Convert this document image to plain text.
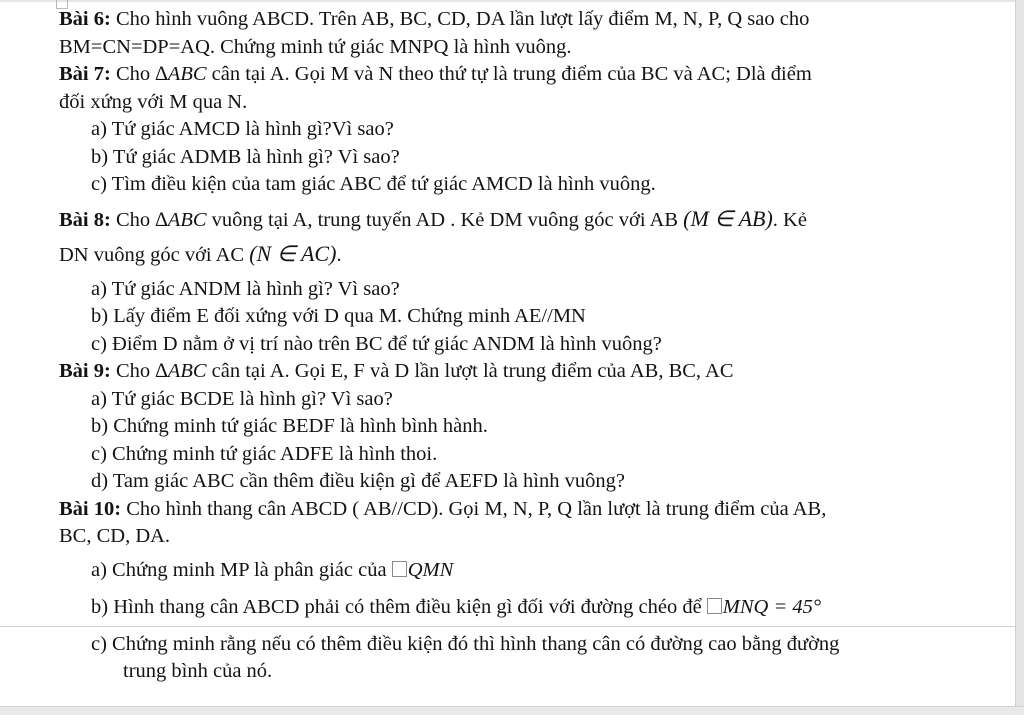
Bài 6: Cho hình vuông ABCD. Trên AB, BC, CD, DA lần lượt lấy điểm M, N, P, Q sao cho
BM=CN=DP=AQ. Chứng minh tứ giác MNPQ là hình vuông.
Bài 7: Cho ∆ABC cân tại A. Gọi M và N theo thứ tự là trung điểm của BC và AC; Dlà điểm
đối xứng với M qua N.
a) Tứ giác AMCD là hình gì?Vì sao?
b) Tứ giác ADMB là hình gì? Vì sao?
c) Tìm điều kiện của tam giác ABC để tứ giác AMCD là hình vuông.
Bài 8: Cho ∆ABC vuông tại A, trung tuyến AD . Kẻ DM vuông góc với AB (M ∈ AB). Kẻ
DN vuông góc với AC (N ∈ AC).
a) Tứ giác ANDM là hình gì? Vì sao?
b) Lấy điểm E đối xứng với D qua M. Chứng minh AE//MN
c) Điểm D nằm ở vị trí nào trên BC để tứ giác ANDM là hình vuông?
Bài 9: Cho ∆ABC cân tại A. Gọi E, F và D lần lượt là trung điểm của AB, BC, AC
a) Tứ giác BCDE là hình gì? Vì sao?
b) Chứng minh tứ giác BEDF là hình bình hành.
c) Chứng minh tứ giác ADFE là hình thoi.
d) Tam giác ABC cần thêm điều kiện gì để AEFD là hình vuông?
Bài 10: Cho hình thang cân ABCD ( AB//CD). Gọi M, N, P, Q lần lượt là trung điểm của AB,
BC, CD, DA.
a) Chứng minh MP là phân giác của QMN
b) Hình thang cân ABCD phải có thêm điều kiện gì đối với đường chéo để MNQ = 45°
c) Chứng minh rằng nếu có thêm điều kiện đó thì hình thang cân có đường cao bằng đường
trung bình của nó.
